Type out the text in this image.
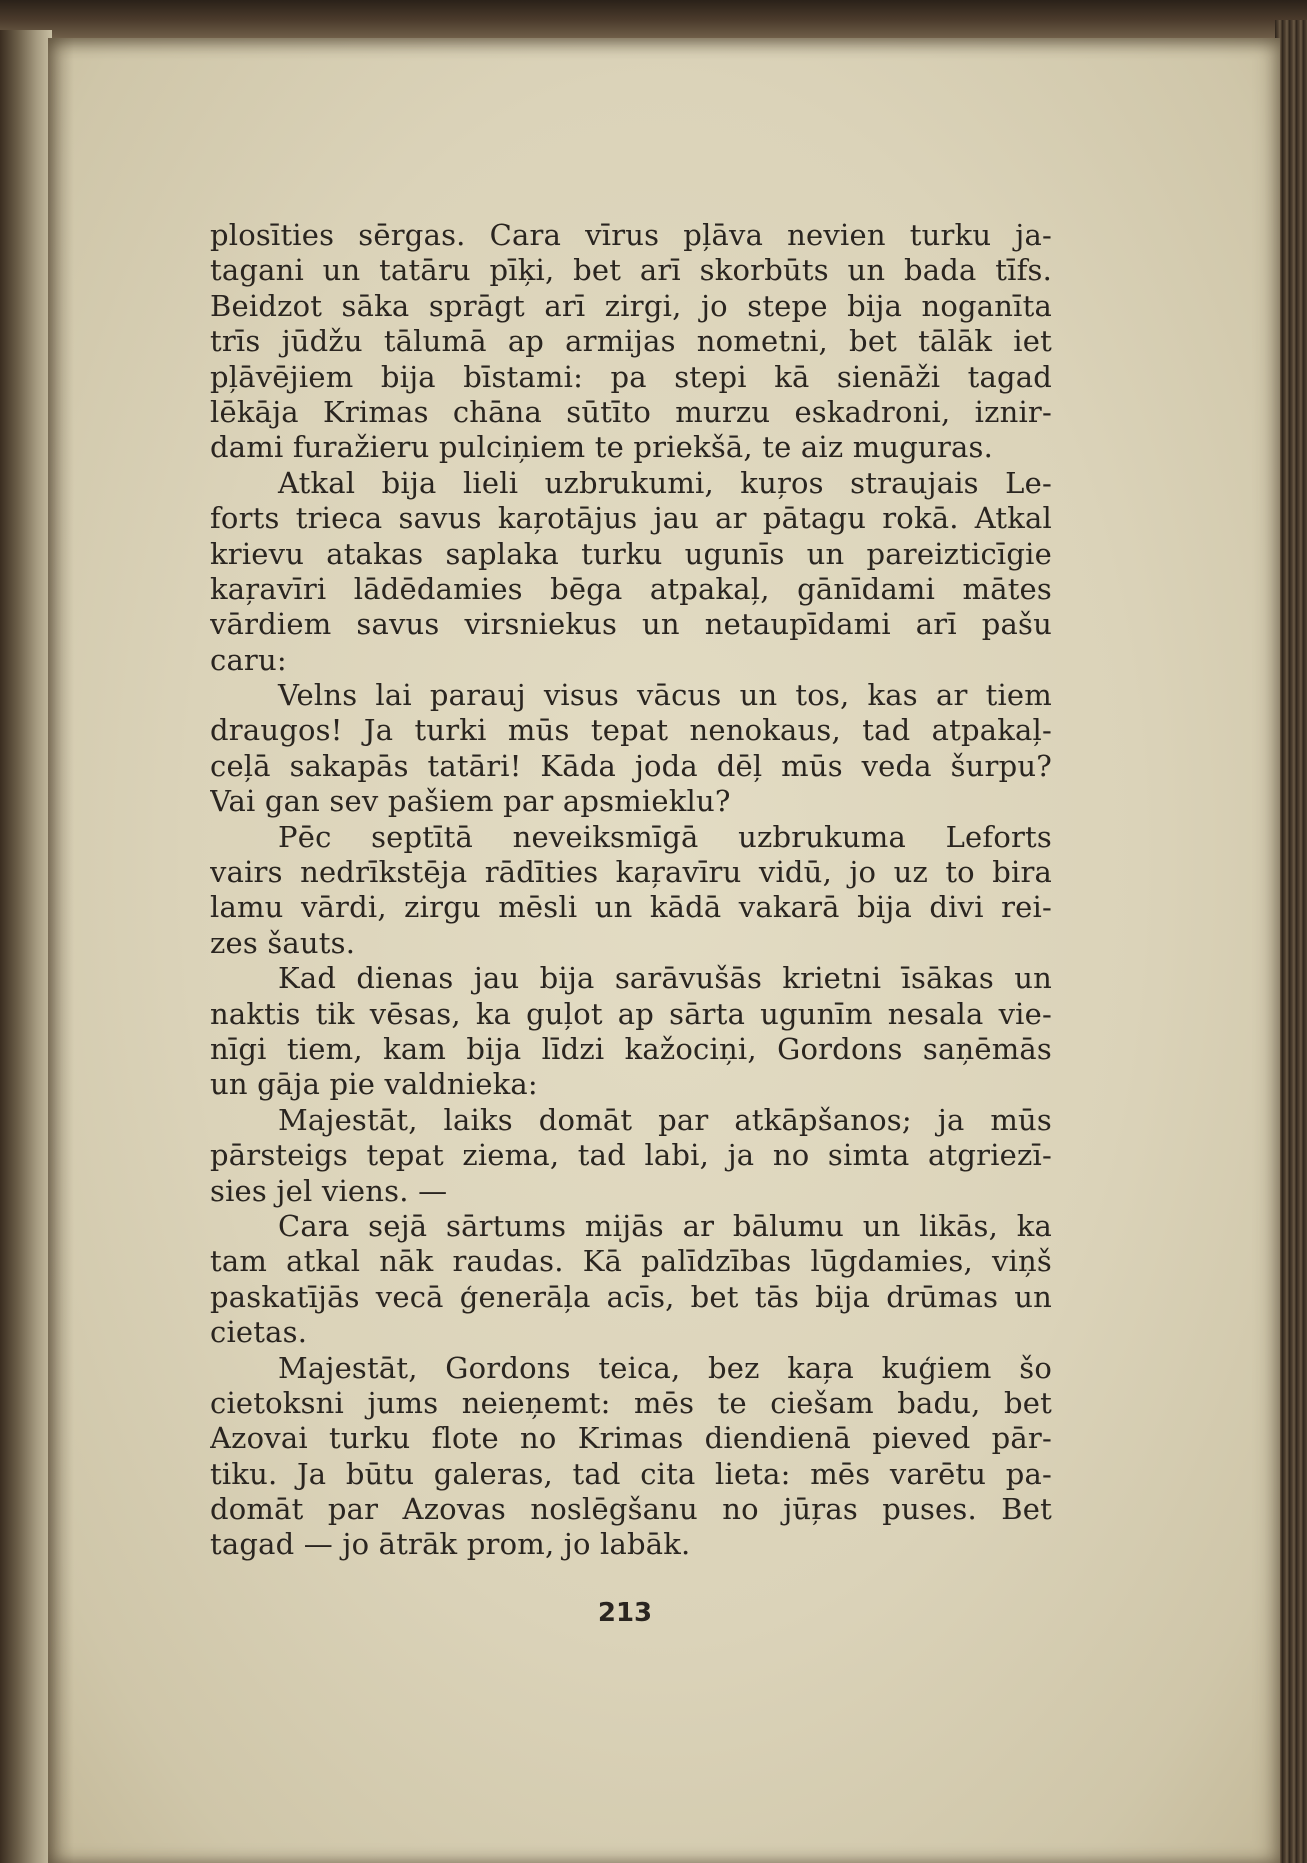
plosīties sērgas. Cara vīrus pļāva nevien turku ja-
tagani un tatāru pīķi, bet arī skorbūts un bada tīfs.
Beidzot sāka sprāgt arī zirgi, jo stepe bija noganīta
trīs jūdžu tālumā ap armijas nometni, bet tālāk iet
pļāvējiem bija bīstami: pa stepi kā sienāži tagad
lēkāja Krimas chāna sūtīto murzu eskadroni, iznir-
dami furažieru pulciņiem te priekšā, te aiz muguras.
Atkal bija lieli uzbrukumi, kuŗos straujais Le-
forts trieca savus kaŗotājus jau ar pātagu rokā. Atkal
krievu atakas saplaka turku ugunīs un pareizticīgie
kaŗavīri lādēdamies bēga atpakaļ, gānīdami mātes
vārdiem savus virsniekus un netaupīdami arī pašu
caru:
Velns lai parauj visus vācus un tos, kas ar tiem
draugos! Ja turki mūs tepat nenokaus, tad atpakaļ-
ceļā sakapās tatāri! Kāda joda dēļ mūs veda šurpu?
Vai gan sev pašiem par apsmieklu?
Pēc septītā neveiksmīgā uzbrukuma Leforts
vairs nedrīkstēja rādīties kaŗavīru vidū, jo uz to bira
lamu vārdi, zirgu mēsli un kādā vakarā bija divi rei-
zes šauts.
Kad dienas jau bija sarāvušās krietni īsākas un
naktis tik vēsas, ka guļot ap sārta ugunīm nesala vie-
nīgi tiem, kam bija līdzi kažociņi, Gordons saņēmās
un gāja pie valdnieka:
Majestāt, laiks domāt par atkāpšanos; ja mūs
pārsteigs tepat ziema, tad labi, ja no simta atgriezī-
sies jel viens. —
Cara sejā sārtums mijās ar bālumu un likās, ka
tam atkal nāk raudas. Kā palīdzības lūgdamies, viņš
paskatījās vecā ģenerāļa acīs, bet tās bija drūmas un
cietas.
Majestāt, Gordons teica, bez kaŗa kuģiem šo
cietoksni jums neieņemt: mēs te ciešam badu, bet
Azovai turku flote no Krimas diendienā pieved pār-
tiku. Ja būtu galeras, tad cita lieta: mēs varētu pa-
domāt par Azovas noslēgšanu no jūŗas puses. Bet
tagad — jo ātrāk prom, jo labāk.
213
